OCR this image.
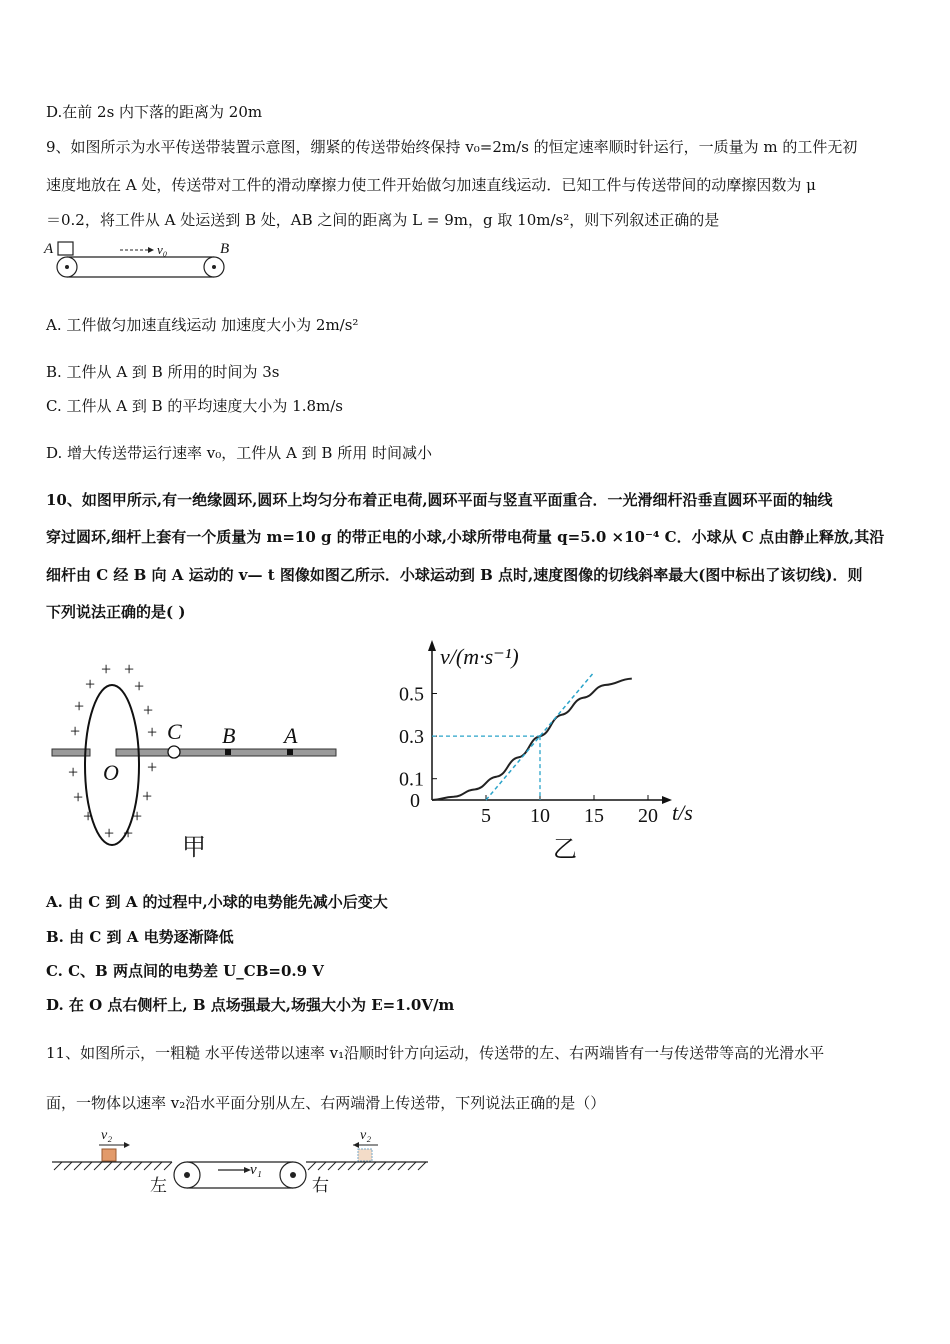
D.在前 2s 内下落的距离为 20m
9、如图所示为水平传送带装置示意图，绷紧的传送带始终保持 v₀=2m/s 的恒定速率顺时针运行，一质量为 m 的工件无初
速度地放在 A 处，传送带对工件的滑动摩擦力使工件开始做匀加速直线运动．已知工件与传送带间的动摩擦因数为 μ
＝0.2，将工件从 A 处运送到 B 处，AB 之间的距离为 L = 9m，g 取 10m/s²，则下列叙述正确的是
A	v₀	B
A. 工件做匀加速直线运动 加速度大小为 2m/s²
B. 工件从 A 到 B 所用的时间为 3s
C. 工件从 A 到 B 的平均速度大小为 1.8m/s
D. 增大传送带运行速率 v₀，工件从 A 到 B 所用 时间减小
10、如图甲所示,有一绝缘圆环,圆环上均匀分布着正电荷,圆环平面与竖直平面重合．一光滑细杆沿垂直圆环平面的轴线
穿过圆环,细杆上套有一个质量为 m=10 g 的带正电的小球,小球所带电荷量 q=5.0 ×10⁻⁴ C．小球从 C 点由静止释放,其沿
细杆由 C 经 B 向 A 运动的 v— t 图像如图乙所示．小球运动到 B 点时,速度图像的切线斜率最大(图中标出了该切线)．则
下列说法正确的是( )
C B A
O
+ +
+ +
+	+
+	+
+	+
+	+
+ +
+ +
甲
v/(m·s⁻¹)
t/s
0
乙
5 10 15 20
0.5
0.3
0.1
A. 由 C 到 A 的过程中,小球的电势能先减小后变大
B. 由 C 到 A 电势逐渐降低
C. C、B 两点间的电势差 U_CB=0.9 V
D. 在 O 点右侧杆上, B 点场强最大,场强大小为 E=1.0V/m
11、如图所示，一粗糙 水平传送带以速率 v₁沿顺时针方向运动，传送带的左、右两端皆有一与传送带等高的光滑水平
面，一物体以速率 v₂沿水平面分别从左、右两端滑上传送带，下列说法正确的是（）
v₂	v₂
v₁
左	右
